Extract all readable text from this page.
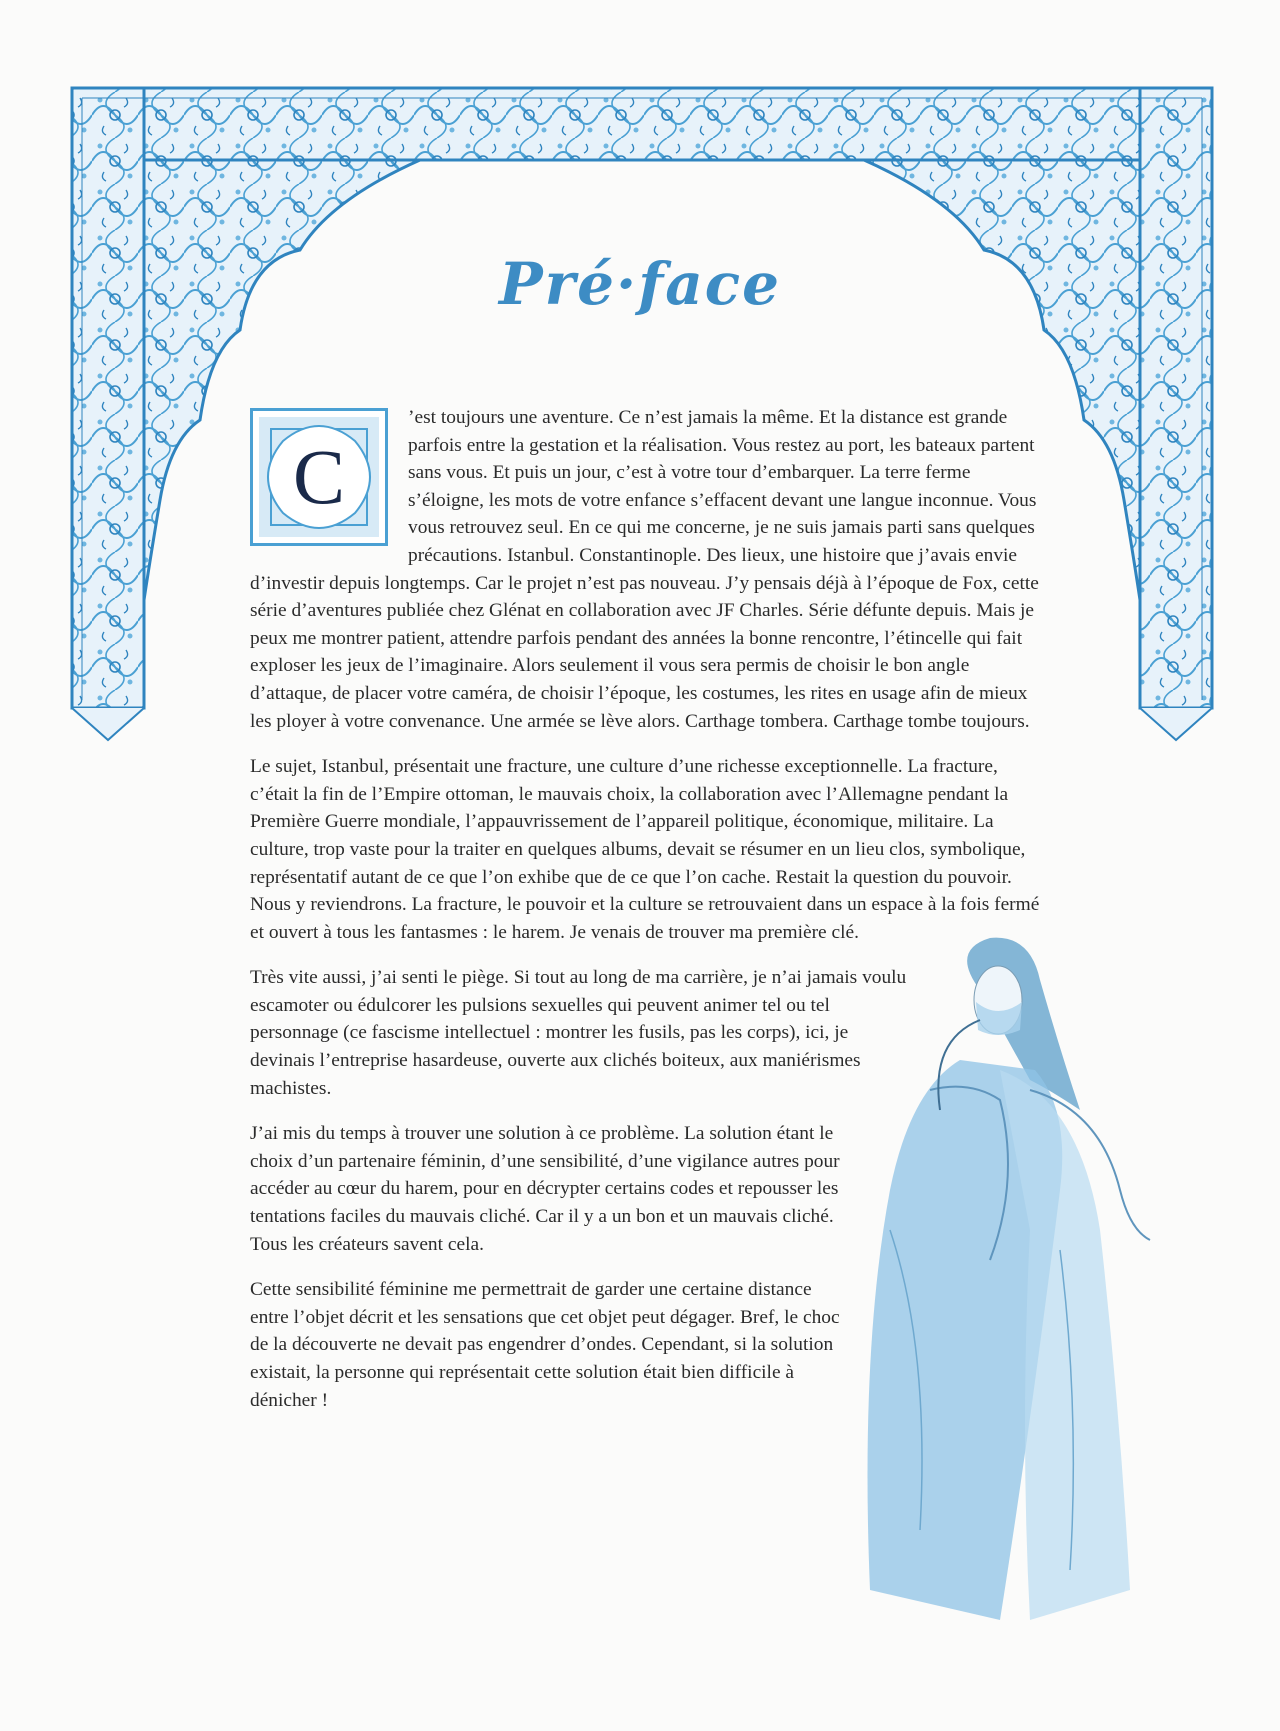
Pré·face
C

’est toujours une aventure. Ce n’est jamais la même. Et la distance est grande parfois entre la gestation et la réalisation. Vous restez au port, les bateaux partent sans vous. Et puis un jour, c’est à votre tour d’embarquer. La terre ferme s’éloigne, les mots de votre enfance s’effacent devant une langue inconnue. Vous vous retrouvez seul. En ce qui me concerne, je ne suis jamais parti sans quelques précautions. Istanbul. Constantinople. Des lieux, une histoire que j’avais envie d’investir depuis longtemps. Car le projet n’est pas nouveau. J’y pensais déjà à l’époque de Fox, cette série d’aventures publiée chez Glénat en collaboration avec JF Charles. Série défunte depuis. Mais je peux me montrer patient, attendre parfois pendant des années la bonne rencontre, l’étincelle qui fait exploser les jeux de l’imaginaire. Alors seulement il vous sera permis de choisir le bon angle d’attaque, de placer votre caméra, de choisir l’époque, les costumes, les rites en usage afin de mieux les ployer à votre convenance. Une armée se lève alors. Carthage tombera. Carthage tombe toujours.

Le sujet, Istanbul, présentait une fracture, une culture d’une richesse exceptionnelle. La fracture, c’était la fin de l’Empire ottoman, le mauvais choix, la collaboration avec l’Allemagne pendant la Première Guerre mondiale, l’appauvrissement de l’appareil politique, économique, militaire. La culture, trop vaste pour la traiter en quelques albums, devait se résumer en un lieu clos, symbolique, représentatif autant de ce que l’on exhibe que de ce que l’on cache. Restait la question du pouvoir. Nous y reviendrons. La fracture, le pouvoir et la culture se retrouvaient dans un espace à la fois fermé et ouvert à tous les fantasmes : le harem. Je venais de trouver ma première clé.

Très vite aussi, j’ai senti le piège. Si tout au long de ma carrière, je n’ai jamais voulu escamoter ou édulcorer les pulsions sexuelles qui peuvent animer tel ou tel personnage (ce fascisme intellectuel : montrer les fusils, pas les corps), ici, je devinais l’entreprise hasardeuse, ouverte aux clichés boiteux, aux maniérismes machistes.

J’ai mis du temps à trouver une solution à ce problème. La solution étant le choix d’un partenaire féminin, d’une sensibilité, d’une vigilance autres pour accéder au cœur du harem, pour en décrypter certains codes et repousser les tentations faciles du mauvais cliché. Car il y a un bon et un mauvais cliché. Tous les créateurs savent cela.

Cette sensibilité féminine me permettrait de garder une certaine distance entre l’objet décrit et les sensations que cet objet peut dégager. Bref, le choc de la découverte ne devait pas engendrer d’ondes. Cependant, si la solution existait, la personne qui représentait cette solution était bien difficile à dénicher !
